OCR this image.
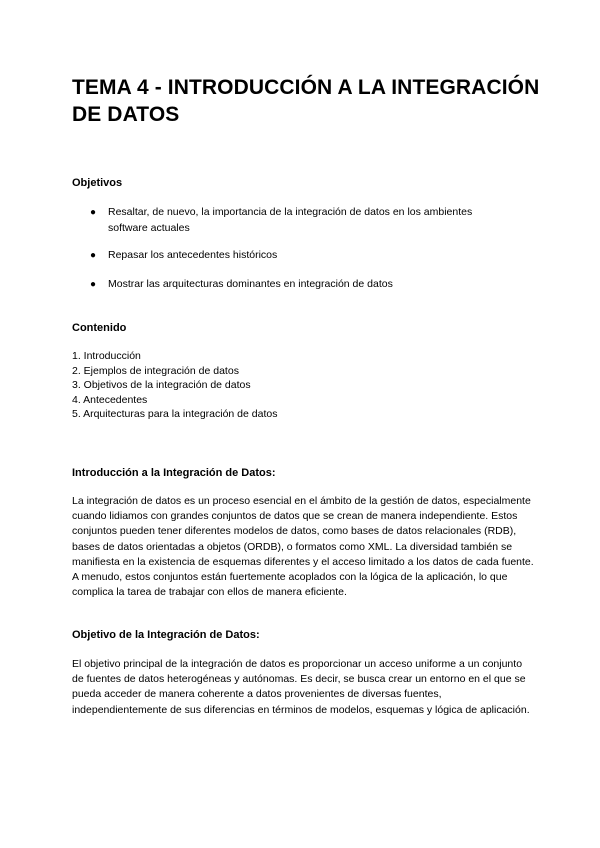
TEMA 4 - INTRODUCCIÓN A LA INTEGRACIÓN DE DATOS
Objetivos
● Resaltar, de nuevo, la importancia de la integración de datos en los ambientes software actuales
● Repasar los antecedentes históricos
● Mostrar las arquitecturas dominantes en integración de datos
Contenido
1. Introducción
2. Ejemplos de integración de datos
3. Objetivos de la integración de datos
4. Antecedentes
5. Arquitecturas para la integración de datos
Introducción a la Integración de Datos:

La integración de datos es un proceso esencial en el ámbito de la gestión de datos, especialmente cuando lidiamos con grandes conjuntos de datos que se crean de manera independiente. Estos conjuntos pueden tener diferentes modelos de datos, como bases de datos relacionales (RDB), bases de datos orientadas a objetos (ORDB), o formatos como XML. La diversidad también se manifiesta en la existencia de esquemas diferentes y el acceso limitado a los datos de cada fuente. A menudo, estos conjuntos están fuertemente acoplados con la lógica de la aplicación, lo que complica la tarea de trabajar con ellos de manera eficiente.

Objetivo de la Integración de Datos:

El objetivo principal de la integración de datos es proporcionar un acceso uniforme a un conjunto de fuentes de datos heterogéneas y autónomas. Es decir, se busca crear un entorno en el que se pueda acceder de manera coherente a datos provenientes de diversas fuentes, independientemente de sus diferencias en términos de modelos, esquemas y lógica de aplicación.
